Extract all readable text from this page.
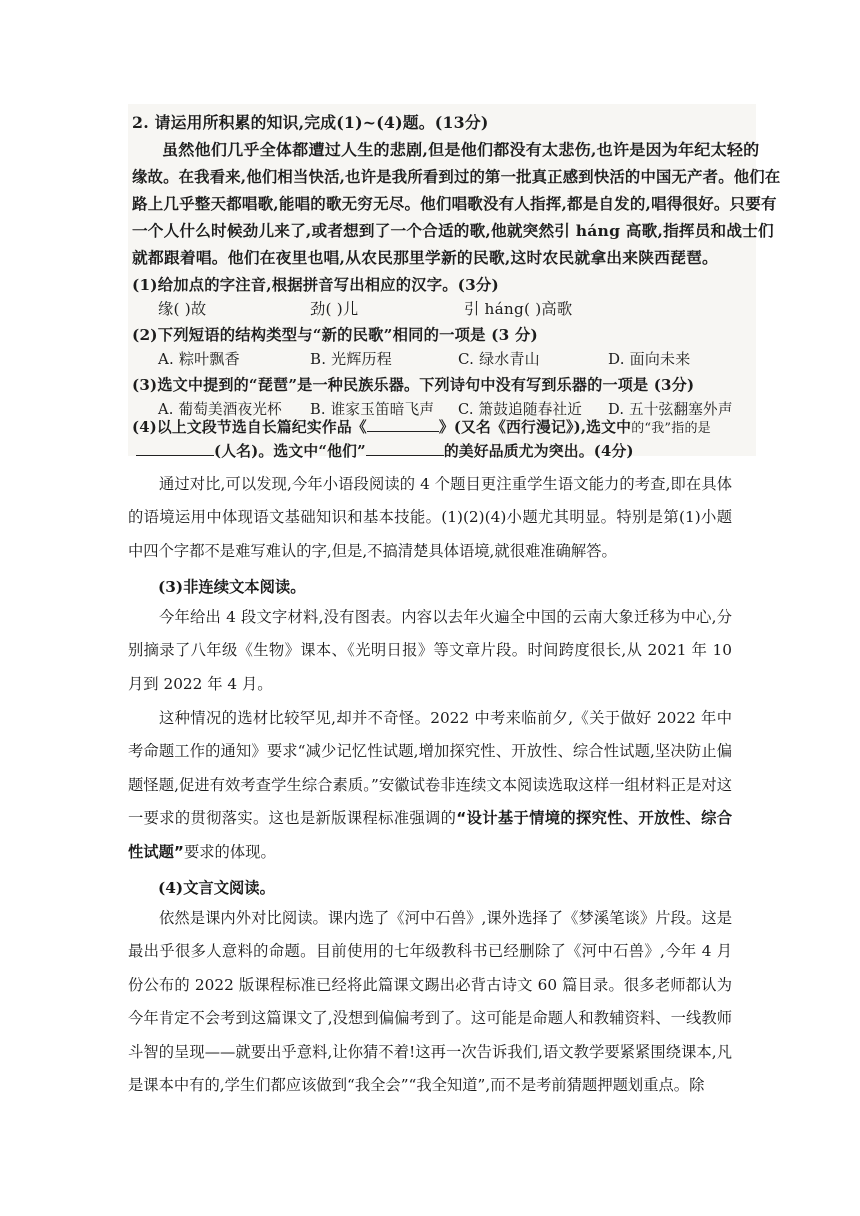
2. 请运用所积累的知识,完成(1)~(4)题。(13分)
虽然他们几乎全体都遭过人生的悲剧,但是他们都没有太悲伤,也许是因为年纪太轻的
缘故。在我看来,他们相当快活,也许是我所看到过的第一批真正感到快活的中国无产者。他们在
路上几乎整天都唱歌,能唱的歌无穷无尽。他们唱歌没有人指挥,都是自发的,唱得很好。只要有
一个人什么时候劲儿来了,或者想到了一个合适的歌,他就突然引 háng 高歌,指挥员和战士们
就都跟着唱。他们在夜里也唱,从农民那里学新的民歌,这时农民就拿出来陕西琵琶。
(1)给加点的字注音,根据拼音写出相应的汉字。(3分)
缘( )故	劲( )儿	引 háng( )高歌
(2)下列短语的结构类型与“新的民歌”相同的一项是 (3 分)
A. 粽叶飘香	B. 光辉历程	C. 绿水青山	D. 面向未来
(3)选文中提到的“琵琶”是一种民族乐器。下列诗句中没有写到乐器的一项是 (3分)
A. 葡萄美酒夜光杯 B. 谁家玉笛暗飞声 C. 箫鼓追随春社近 D. 五十弦翻塞外声
(4)以上文段节选自长篇纪实作品《	》(又名《西行漫记》),选文中的“我”指的是
(人名)。选文中“他们”	的美好品质尤为突出。(4分)

通过对比,可以发现,今年小语段阅读的 4 个题目更注重学生语文能力的考查,即在具体的语境运用中体现语文基础知识和基本技能。(1)(2)(4)小题尤其明显。特别是第(1)小题中四个字都不是难写难认的字,但是,不搞清楚具体语境,就很难准确解答。

(3)非连续文本阅读。

今年给出 4 段文字材料,没有图表。内容以去年火遍全中国的云南大象迁移为中心,分别摘录了八年级《生物》课本、《光明日报》等文章片段。时间跨度很长,从 2021 年 10 月到 2022 年 4 月。

这种情况的选材比较罕见,却并不奇怪。2022 中考来临前夕,《关于做好 2022 年中考命题工作的通知》要求“减少记忆性试题,增加探究性、开放性、综合性试题,坚决防止偏题怪题,促进有效考查学生综合素质。”安徽试卷非连续文本阅读选取这样一组材料正是对这一要求的贯彻落实。这也是新版课程标准强调的“设计基于情境的探究性、开放性、综合性试题”要求的体现。

(4)文言文阅读。

依然是课内外对比阅读。课内选了《河中石兽》,课外选择了《梦溪笔谈》片段。这是最出乎很多人意料的命题。目前使用的七年级教科书已经删除了《河中石兽》,今年 4 月份公布的 2022 版课程标准已经将此篇课文踢出必背古诗文 60 篇目录。很多老师都认为今年肯定不会考到这篇课文了,没想到偏偏考到了。这可能是命题人和教辅资料、一线教师斗智的呈现——就要出乎意料,让你猜不着!这再一次告诉我们,语文教学要紧紧围绕课本,凡是课本中有的,学生们都应该做到“我全会”“我全知道”,而不是考前猜题押题划重点。除
